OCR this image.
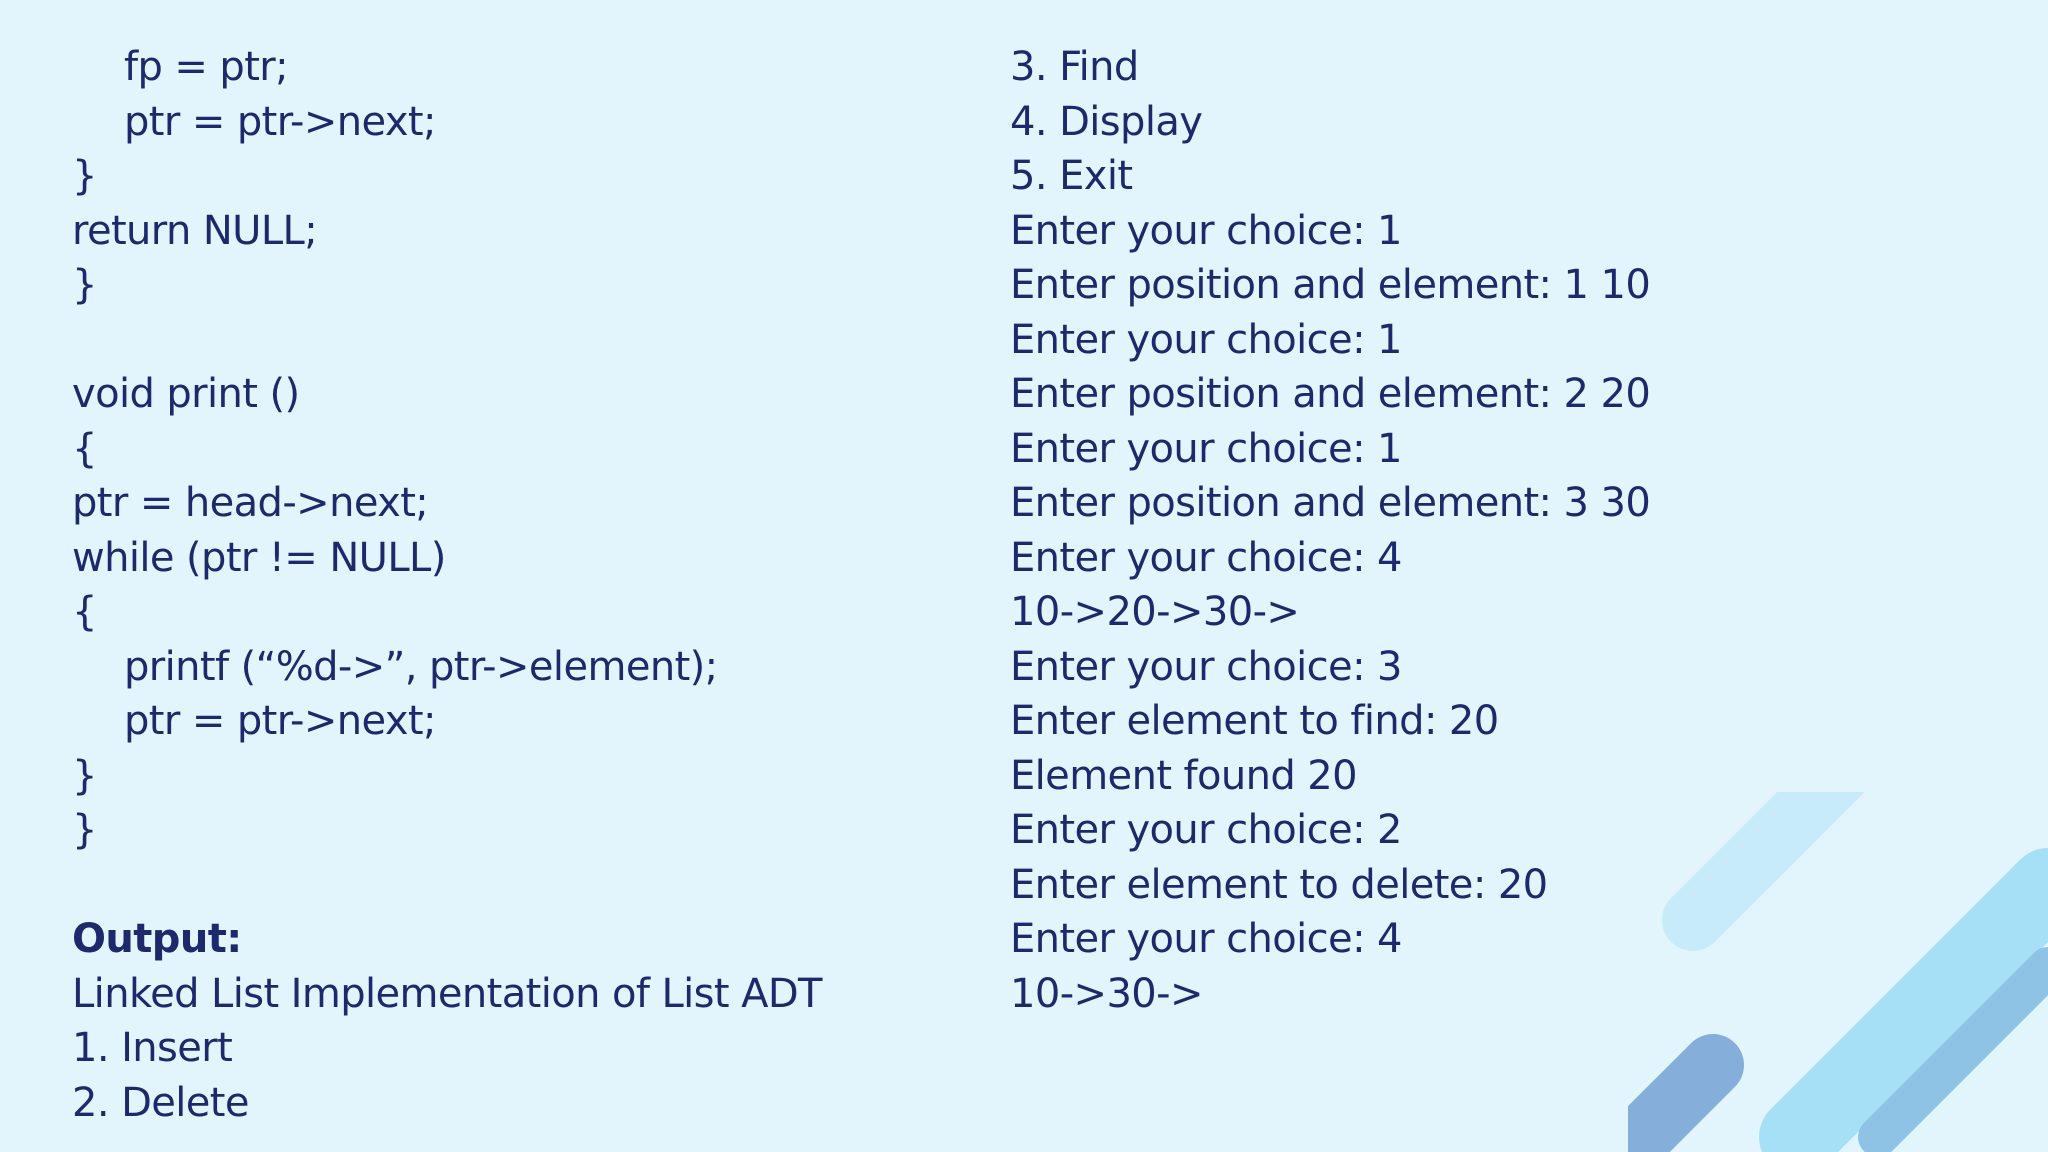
fp = ptr;
ptr = ptr->next;
}
return NULL;
}
void print ()
{
ptr = head->next;
while (ptr != NULL)
{
printf (“%d->”, ptr->element);
ptr = ptr->next;
}
}
Output:
Linked List Implementation of List ADT
1. Insert
2. Delete
3. Find
4. Display
5. Exit
Enter your choice: 1
Enter position and element: 1 10
Enter your choice: 1
Enter position and element: 2 20
Enter your choice: 1
Enter position and element: 3 30
Enter your choice: 4
10->20->30->
Enter your choice: 3
Enter element to find: 20
Element found 20
Enter your choice: 2
Enter element to delete: 20
Enter your choice: 4
10->30->
